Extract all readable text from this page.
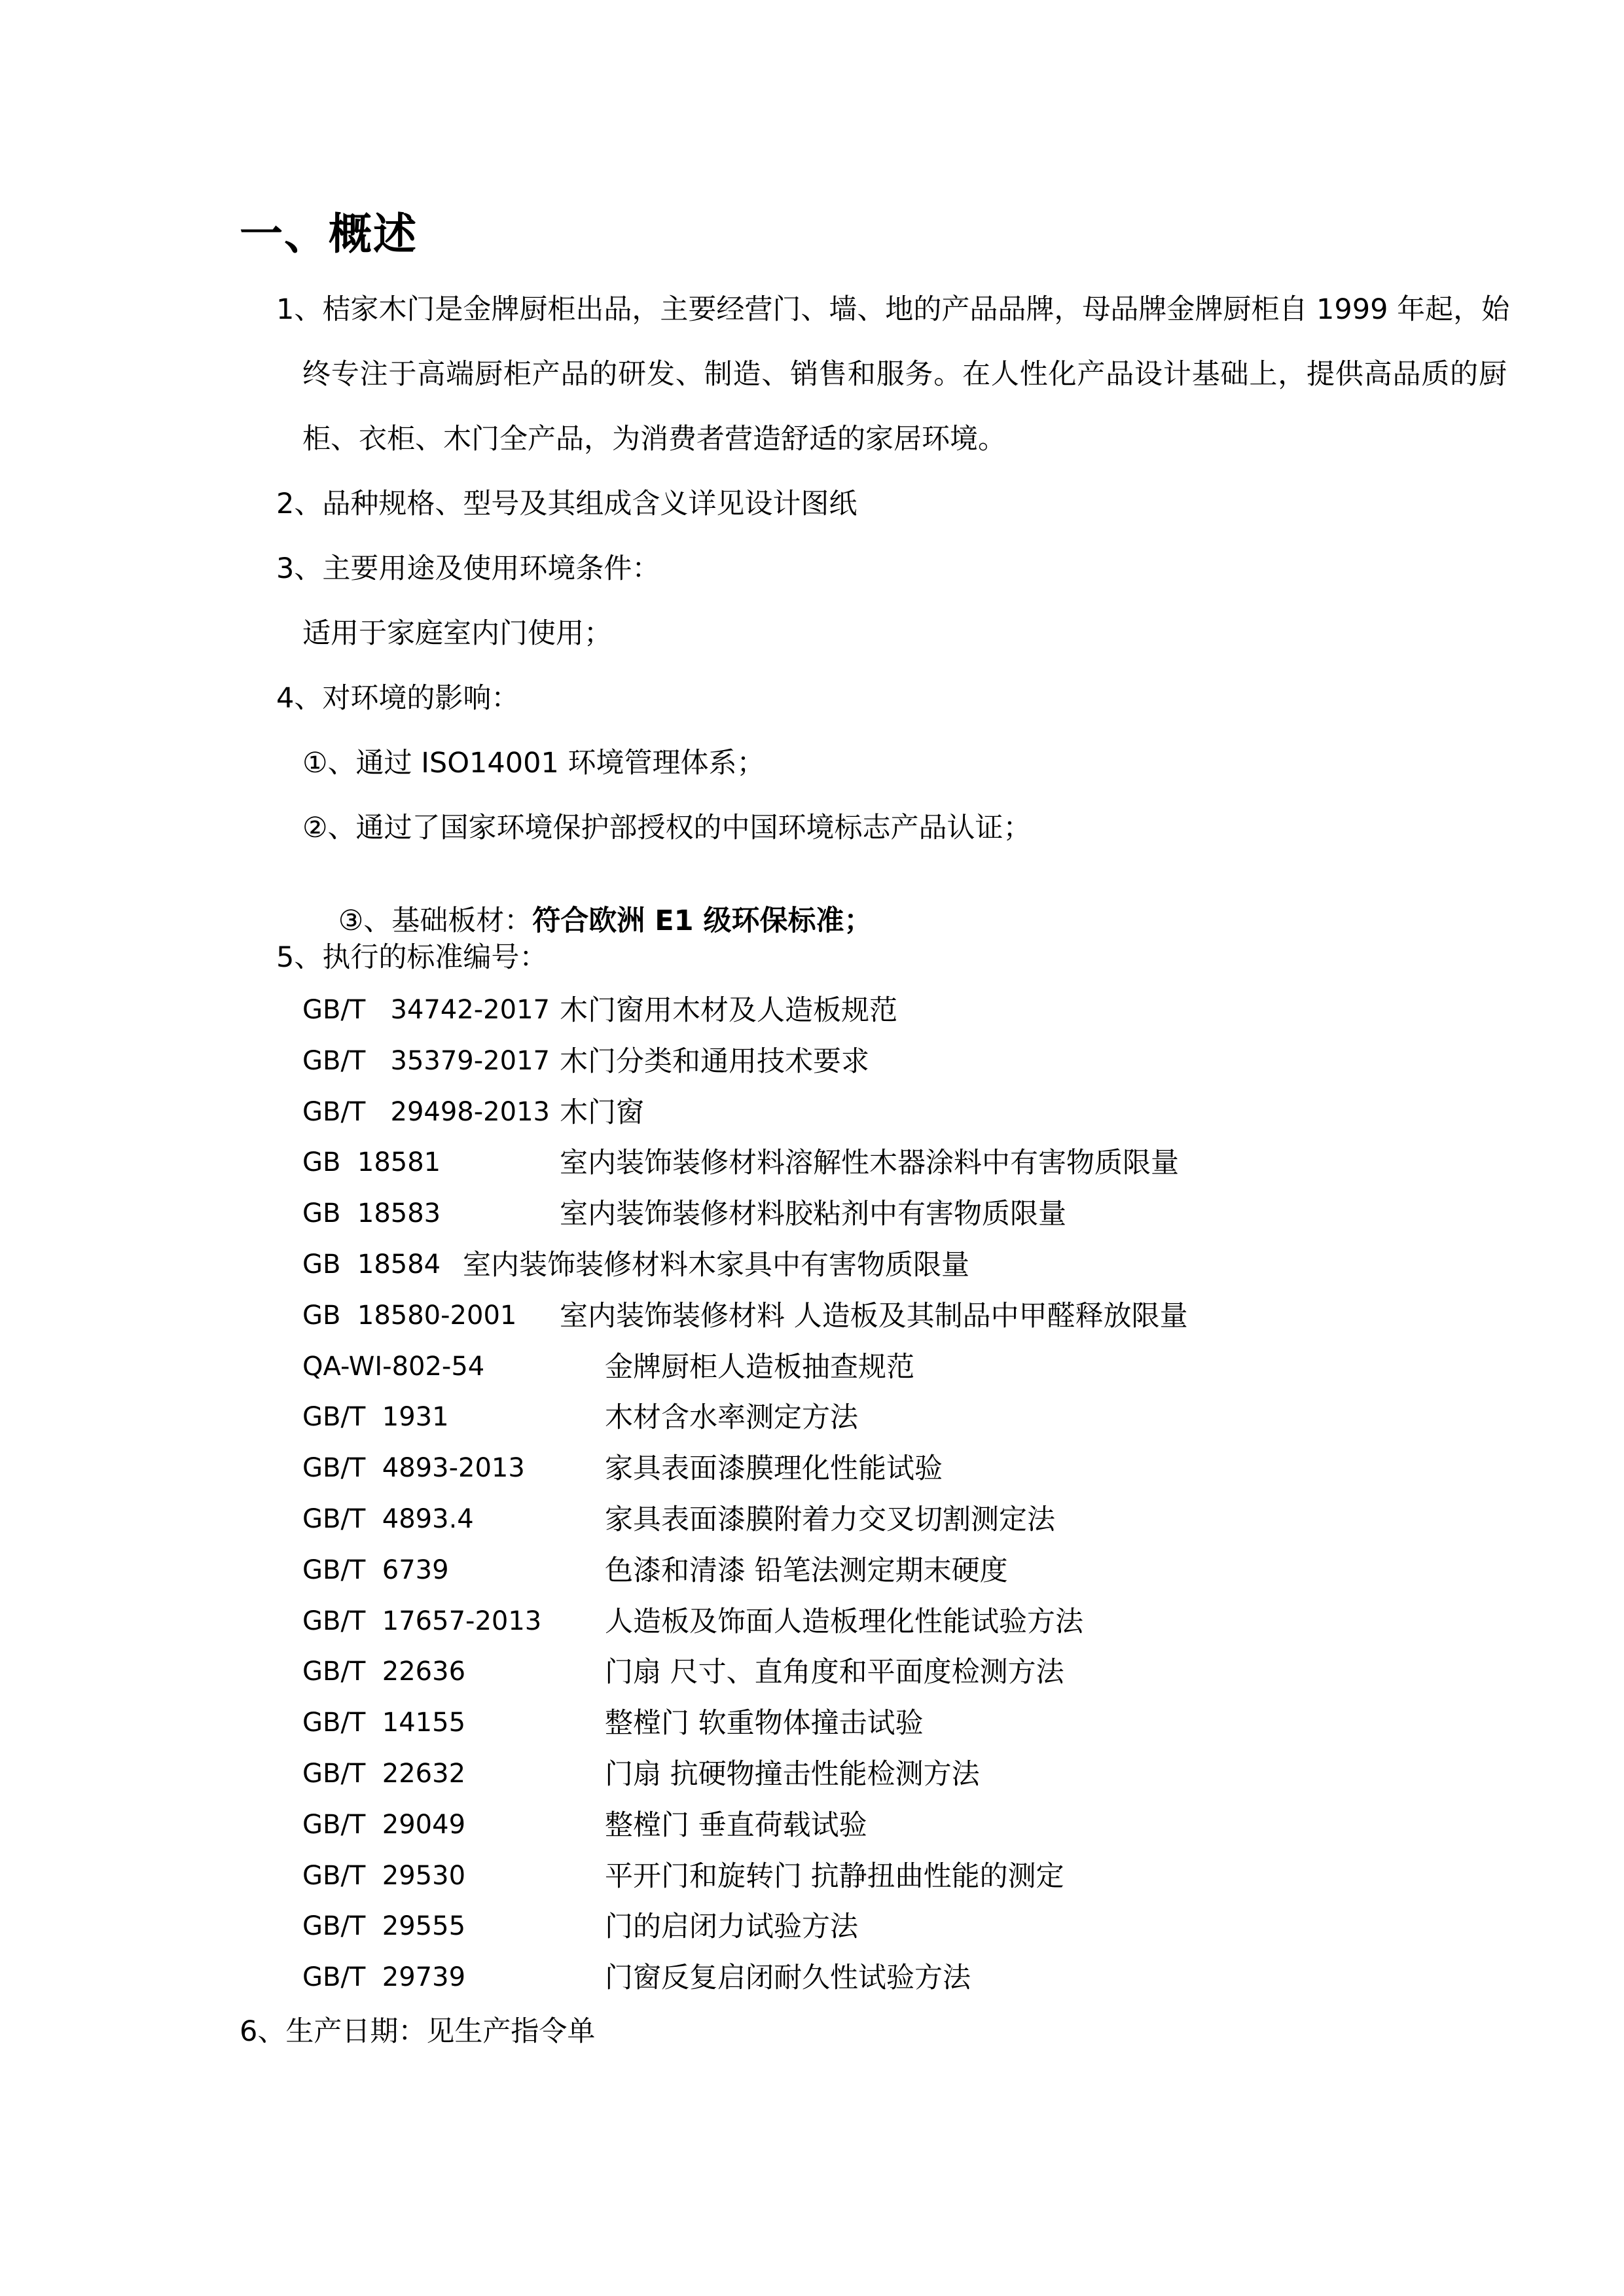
一、概述
1、桔家木门是金牌厨柜出品，主要经营门、墙、地的产品品牌，母品牌金牌厨柜自 1999 年起，始
终专注于高端厨柜产品的研发、制造、销售和服务。在人性化产品设计基础上，提供高品质的厨
柜、衣柜、木门全产品，为消费者营造舒适的家居环境。
2、品种规格、型号及其组成含义详见设计图纸
3、主要用途及使用环境条件：
适用于家庭室内门使用；
4、对环境的影响：
①、通过 ISO14001 环境管理体系；
②、通过了国家环境保护部授权的中国环境标志产品认证；

③、基础板材：符合欧洲 E1 级环保标准；

5、执行的标准编号：
GB/T   34742-2017 木门窗用木材及人造板规范
GB/T   35379-2017 木门分类和通用技术要求
GB/T   29498-2013 木门窗
GB  18581	室内装饰装修材料溶解性木器涂料中有害物质限量
GB  18583	室内装饰装修材料胶粘剂中有害物质限量
GB  18584 室内装饰装修材料木家具中有害物质限量
GB  18580-2001 室内装饰装修材料 人造板及其制品中甲醛释放限量
QA-WI-802-54	金牌厨柜人造板抽查规范
GB/T  1931	木材含水率测定方法
GB/T  4893-2013	家具表面漆膜理化性能试验
GB/T  4893.4	家具表面漆膜附着力交叉切割测定法
GB/T  6739	色漆和清漆 铅笔法测定期末硬度
GB/T  17657-2013 人造板及饰面人造板理化性能试验方法
GB/T  22636	门扇 尺寸、直角度和平面度检测方法
GB/T  14155	整樘门 软重物体撞击试验
GB/T  22632	门扇 抗硬物撞击性能检测方法
GB/T  29049	整樘门 垂直荷载试验
GB/T  29530	平开门和旋转门 抗静扭曲性能的测定
GB/T  29555	门的启闭力试验方法
GB/T  29739	门窗反复启闭耐久性试验方法
6、生产日期：见生产指令单
